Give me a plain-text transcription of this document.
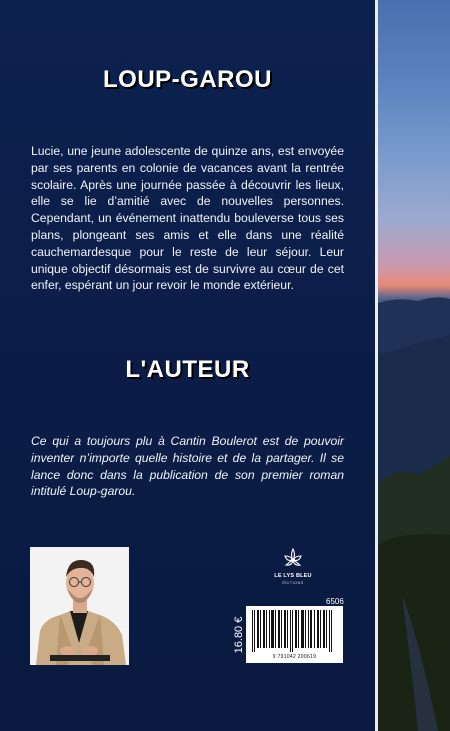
LOUP-GAROU
Lucie, une jeune adolescente de quinze ans, est envoyée par ses parents en colonie de vacances avant la rentrée scolaire. Après une journée passée à découvrir les lieux, elle se lie d’amitié avec de nouvelles personnes. Cependant, un événement inattendu bouleverse tous ses plans, plongeant ses amis et elle dans une réalité cauchemardesque pour le reste de leur séjour. Leur unique objectif désormais est de survivre au cœur de cet enfer, espérant un jour revoir le monde extérieur.
L'AUTEUR
Ce qui a toujours plu à Cantin Boulerot est de pouvoir inventer n’importe quelle histoire et de la partager. Il se lance donc dans la publication de son premier roman intitulé Loup-garou.
LE LYS BLEU
ÉDITIONS
6506
16.80 €
9 791042 200619
